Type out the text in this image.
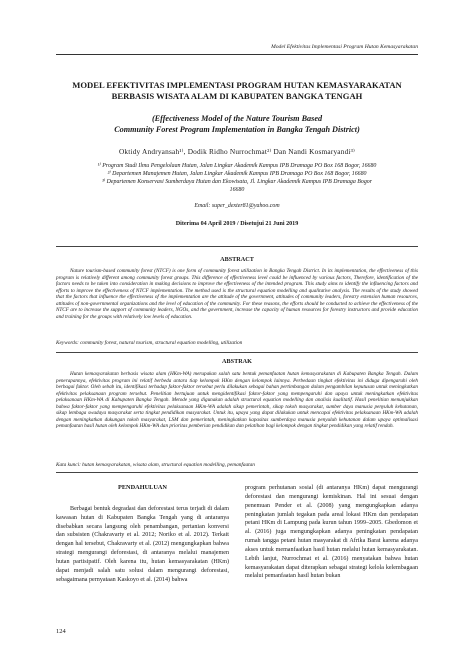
Model Efektivitas Implementasi Program Hutan Kemasyarakatan

MODEL EFEKTIVITAS IMPLEMENTASI PROGRAM HUTAN KEMASYARAKATAN
BERBASIS WISATA ALAM DI KABUPATEN BANGKA TENGAH

(Effectiveness Model of the Nature Tourism Based
Community Forest Program Implementation in Bangka Tengah District)

Oktidy Andryansah¹⁾, Dodik Ridho Nurrochmat²⁾ Dan Nandi Kosmaryandi³⁾

¹⁾ Program Studi Ilmu Pengelolaan Hutan, Jalan Lingkar Akademik Kampus IPB Dramaga PO Box 168 Bogor, 16680
²⁾ Departemen Manajemen Hutan, Jalan Lingkar Akademik Kampus IPB Dramaga PO Box 168 Bogor, 16680
³⁾ Departemen Konservasi Sumberdaya Hutan dan Ekowisata, Jl. Lingkar Akademik Kampus IPB Dramaga Bogor
16680
Email: super_dexter81@yahoo.com
Diterima 04 April 2019 / Disetujui 21 Juni 2019
ABSTRACT

Nature tourism-based community forest (NTCF) is one form of community forest utilization in Bangka Tengah District. In its implementation, the effectiveness of this program is relatively different among community forest groups. This difference of effectiveness level could be influenced by various factors, Therefore, identification of the factors needs to be taken into consideration in making decisions to improve the effectiveness of the intended program. This study aims to identify the influencing factors and efforts to improve the effectiveness of NTCF implementation. The method used is the structural equation modelling and qualitative analysis. The results of the study showed that the factors that influence the effectiveness of the implementation are the attitude of the government, attitudes of community leaders, forestry extension human resources, attitudes of non-governmental organizations and the level of education of the community. For these reasons, the efforts should be conducted to achieve the effectiveness of the NTCF are to increase the support of community leaders, NGOs, and the government, increase the capacity of human resources for forestry instructors and provide education and training for the groups with relatively low levels of education.

Keywords: community forest, natural tourism, structural equation modelling, utilization
ABSTRAK

Hutan kemasyarakatan berbasis wisata alam (HKm-WA) merupakan salah satu bentuk pemanfaatan hutan kemasyarakatan di Kabupaten Bangka Tengah. Dalam penerapannya, efektivitas program ini relatif berbeda antara tiap kelompok HKm dengan kelompok lainnya. Perbedaan tingkat efektivitas ini diduga dipengaruhi oleh berbagai faktor. Oleh sebab itu, identifikasi terhadap faktor-faktor tersebut perlu dilakukan sebagai bahan pertimbangan dalam pengambilan keputusan untuk meningkatkan efektivitas pelaksanaan program tersebut. Penelitian bertujuan untuk mengidentifikasi faktor-faktor yang mempengaruhi dan upaya untuk meningkatkan efektivitas pelaksanaan HKm-WA di Kabupaten Bangka Tengah. Metode yang digunakan adalah structural equation modelling dan analisis kualitatif. Hasil penelitian menunjukkan bahwa faktor-faktor yang mempengaruhi efektivitas pelaksanaan HKm-WA adalah sikap pemerintah, sikap tokoh masyarakat, sumber daya manusia penyuluh kehutanan, sikap lembaga swadaya masyarakat serta tingkat pendidikan masyarakat. Untuk itu, upaya yang dapat dilakukan untuk mencapai efektivitas pelaksanaan HKm-WA adalah dengan meningkatkan dukungan tokoh masyarakat, LSM dan pemerintah, meningkatkan kapasitas sumberdaya manusia penyuluh kehutanan dalam upaya optimalisasi pemanfaatan hasil hutan oleh kelompok HKm-WA dan prioritas pemberian pendidikan dan pelatihan bagi kelompok dengan tingkat pendidikan yang relatif rendah.

Kata kunci: hutan kemasyarakatan, wisata alam, structural equation modelling, pemanfaatan
PENDAHULUAN

Berbagai bentuk degradasi dan deforestasi terus terjadi di dalam kawasan hutan di Kabupaten Bangka Tengah yang di antaranya disebabkan secara langsung oleh penambangan, pertanian konversi dan subsisten (Chakravarty et al. 2012; Noriko et al. 2012). Terkait dengan hal tersebut, Chakravarty et al. (2012) mengungkapkan bahwa strategi mengurangi deforestasi, di antaranya melalui manajemen hutan partisipatif. Oleh karena itu, hutan kemasyarakatan (HKm) dapat menjadi salah satu solusi dalam mengurangi deforestasi, sebagaimana pernyataan Kaskoyo et al. (2014) bahwa

program perhutanan sosial (di antaranya HKm) dapat mengurangi deforestasi dan mengurangi kemiskinan. Hal ini sesuai dengan penemuan Pender et al. (2008) yang mengungkapkan adanya peningkatan jumlah tegakan pada areal lokasi HKm dan pendapatan petani HKm di Lampung pada kurun tahun 1999–2005. Gbedomon et al. (2016) juga mengungkapkan adanya peningkatan pendapatan rumah tangga petani hutan masyarakat di Afrika Barat karena adanya akses untuk memanfaatkan hasil hutan melalui hutan kemasyarakatan. Lebih lanjut, Nurrochmat et al. (2016) menyatakan bahwa hutan kemasyarakatan dapat diterapkan sebagai strategi kelola kelembagaan melalui pemanfaatan hasil hutan bukan

124
